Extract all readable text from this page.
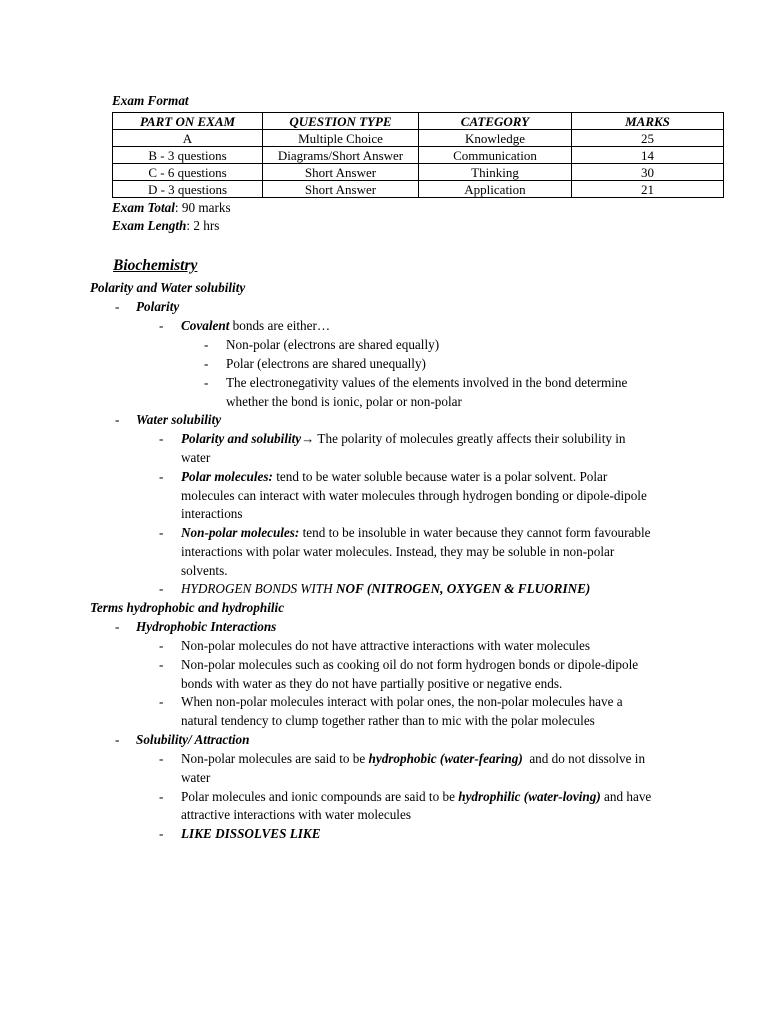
Exam Format
PART ON EXAM	QUESTION TYPE	CATEGORY	MARKS
A	Multiple Choice	Knowledge	25
B - 3 questions	Diagrams/Short Answer	Communication	14
C - 6 questions	Short Answer	Thinking	30
D - 3 questions	Short Answer	Application	21
Exam Total: 90 marks
Exam Length: 2 hrs
Biochemistry
Polarity and Water solubility
- Polarity
- Covalent bonds are either…
- Non-polar (electrons are shared equally)
- Polar (electrons are shared unequally)
- The electronegativity values of the elements involved in the bond determine
whether the bond is ionic, polar or non-polar
- Water solubility
- Polarity and solubility→ The polarity of molecules greatly affects their solubility in
water
- Polar molecules: tend to be water soluble because water is a polar solvent. Polar
molecules can interact with water molecules through hydrogen bonding or dipole-dipole
interactions
- Non-polar molecules: tend to be insoluble in water because they cannot form favourable
interactions with polar water molecules. Instead, they may be soluble in non-polar
solvents.
- HYDROGEN BONDS WITH NOF (NITROGEN, OXYGEN & FLUORINE)
Terms hydrophobic and hydrophilic
- Hydrophobic Interactions
- Non-polar molecules do not have attractive interactions with water molecules
- Non-polar molecules such as cooking oil do not form hydrogen bonds or dipole-dipole
bonds with water as they do not have partially positive or negative ends.
- When non-polar molecules interact with polar ones, the non-polar molecules have a
natural tendency to clump together rather than to mic with the polar molecules
- Solubility/ Attraction
- Non-polar molecules are said to be hydrophobic (water-fearing)  and do not dissolve in
water
- Polar molecules and ionic compounds are said to be hydrophilic (water-loving) and have
attractive interactions with water molecules
- LIKE DISSOLVES LIKE
